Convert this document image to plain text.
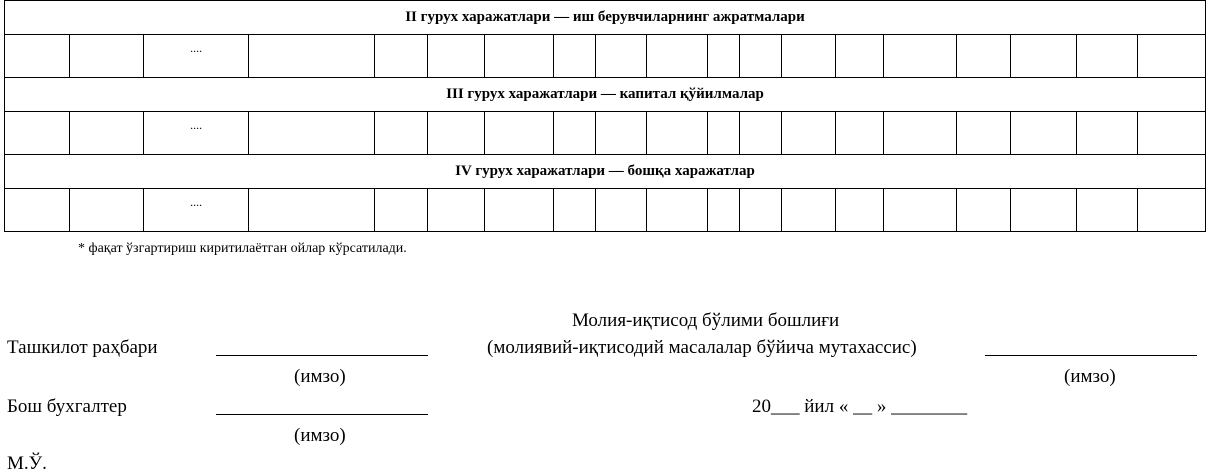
II гурух харажатлари — иш берувчиларнинг ажратмалари																		
		....																
III гурух харажатлари — капитал қўйилмалар																		
		....																
IV гурух харажатлари — бошқа харажатлар																		
		....																
* фақат ўзгартириш киритилаётган ойлар кўрсатилади.
Молия-иқтисод бўлими бошлиғи
Ташкилот раҳбари	(молиявий-иқтисодий масалалар бўйича мутахассис)
(имзо)	(имзо)
Бош бухгалтер	20___ йил « __ » ________
(имзо)
М.Ў.
